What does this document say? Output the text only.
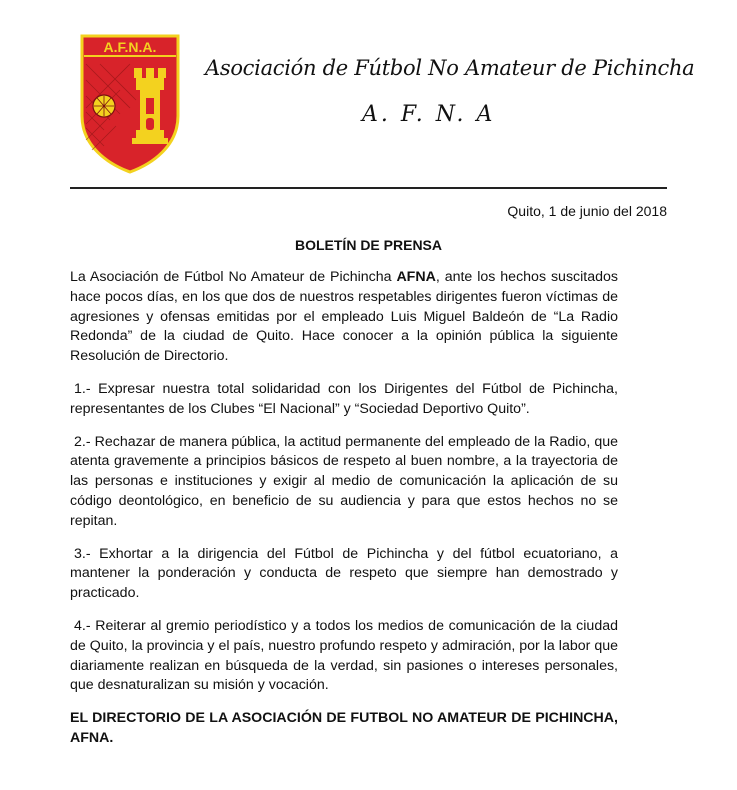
A.F.N.A.
Asociación de Fútbol No Amateur de Pichincha
A. F. N. A
Quito, 1 de junio del 2018
BOLETÍN DE PRENSA

La Asociación de Fútbol No Amateur de Pichincha AFNA, ante los hechos suscitados hace pocos días, en los que dos de nuestros respetables dirigentes fueron víctimas de agresiones y ofensas emitidas por el empleado Luis Miguel Baldeón de “La Radio Redonda” de la ciudad de Quito. Hace conocer a la opinión pública la siguiente Resolución de Directorio.

1.- Expresar nuestra total solidaridad con los Dirigentes del Fútbol de Pichincha, representantes de los Clubes “El Nacional” y “Sociedad Deportivo Quito”.

2.- Rechazar de manera pública, la actitud permanente del empleado de la Radio, que atenta gravemente a principios básicos de respeto al buen nombre, a la trayectoria de las personas e instituciones y exigir al medio de comunicación la aplicación de su código deontológico, en beneficio de su audiencia y para que estos hechos no se repitan.

3.- Exhortar a la dirigencia del Fútbol de Pichincha y del fútbol ecuatoriano, a mantener la ponderación y conducta de respeto que siempre han demostrado y practicado.

4.- Reiterar al gremio periodístico y a todos los medios de comunicación de la ciudad de Quito, la provincia y el país, nuestro profundo respeto y admiración, por la labor que diariamente realizan en búsqueda de la verdad, sin pasiones o intereses personales, que desnaturalizan su misión y vocación.

EL DIRECTORIO DE LA ASOCIACIÓN DE FUTBOL NO AMATEUR DE PICHINCHA, AFNA.
